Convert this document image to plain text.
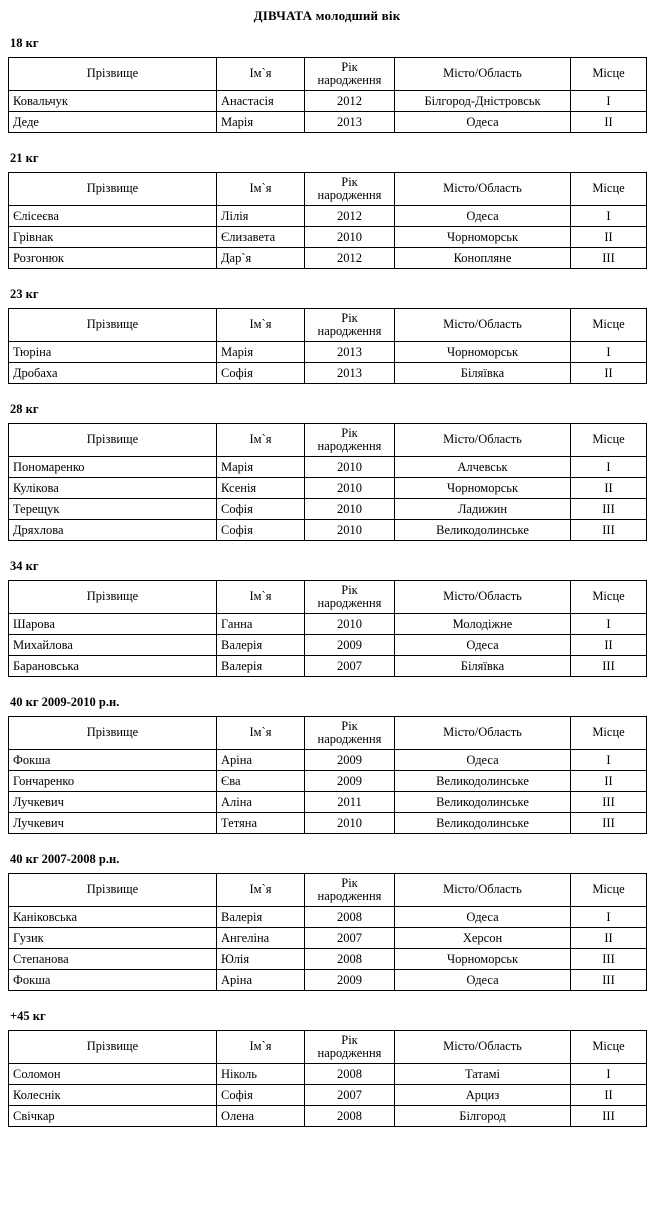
ДІВЧАТА молодший вік
18 кг
Прізвище	Ім`я	Рік народження	Місто/Область	Місце
Ковальчук	Анастасія	2012	Білгород-Дністровськ	I
Деде	Марія	2013	Одеса	II
21 кг
Прізвище	Ім`я	Рік народження	Місто/Область	Місце
Єлісеєва	Лілія	2012	Одеса	I
Грівнак	Єлизавета	2010	Чорноморськ	II
Розгонюк	Дар`я	2012	Конопляне	III
23 кг
Прізвище	Ім`я	Рік народження	Місто/Область	Місце
Тюріна	Марія	2013	Чорноморськ	I
Дробаха	Софія	2013	Біляївка	II
28 кг
Прізвище	Ім`я	Рік народження	Місто/Область	Місце
Пономаренко	Марія	2010	Алчевськ	I
Кулікова	Ксенія	2010	Чорноморськ	II
Терещук	Софія	2010	Ладижин	III
Дряхлова	Софія	2010	Великодолинське	III
34 кг
Прізвище	Ім`я	Рік народження	Місто/Область	Місце
Шарова	Ганна	2010	Молодіжне	I
Михайлова	Валерія	2009	Одеса	II
Барановська	Валерія	2007	Біляївка	III
40 кг 2009-2010 р.н.
Прізвище	Ім`я	Рік народження	Місто/Область	Місце
Фокша	Аріна	2009	Одеса	I
Гончаренко	Єва	2009	Великодолинське	II
Лучкевич	Аліна	2011	Великодолинське	III
Лучкевич	Тетяна	2010	Великодолинське	III
40 кг 2007-2008 р.н.
Прізвище	Ім`я	Рік народження	Місто/Область	Місце
Каніковська	Валерія	2008	Одеса	I
Гузик	Ангеліна	2007	Херсон	II
Степанова	Юлія	2008	Чорноморськ	III
Фокша	Аріна	2009	Одеса	III
+45 кг
Прізвище	Ім`я	Рік народження	Місто/Область	Місце
Соломон	Ніколь	2008	Татамі	I
Колеснік	Софія	2007	Арциз	II
Свічкар	Олена	2008	Білгород	III
